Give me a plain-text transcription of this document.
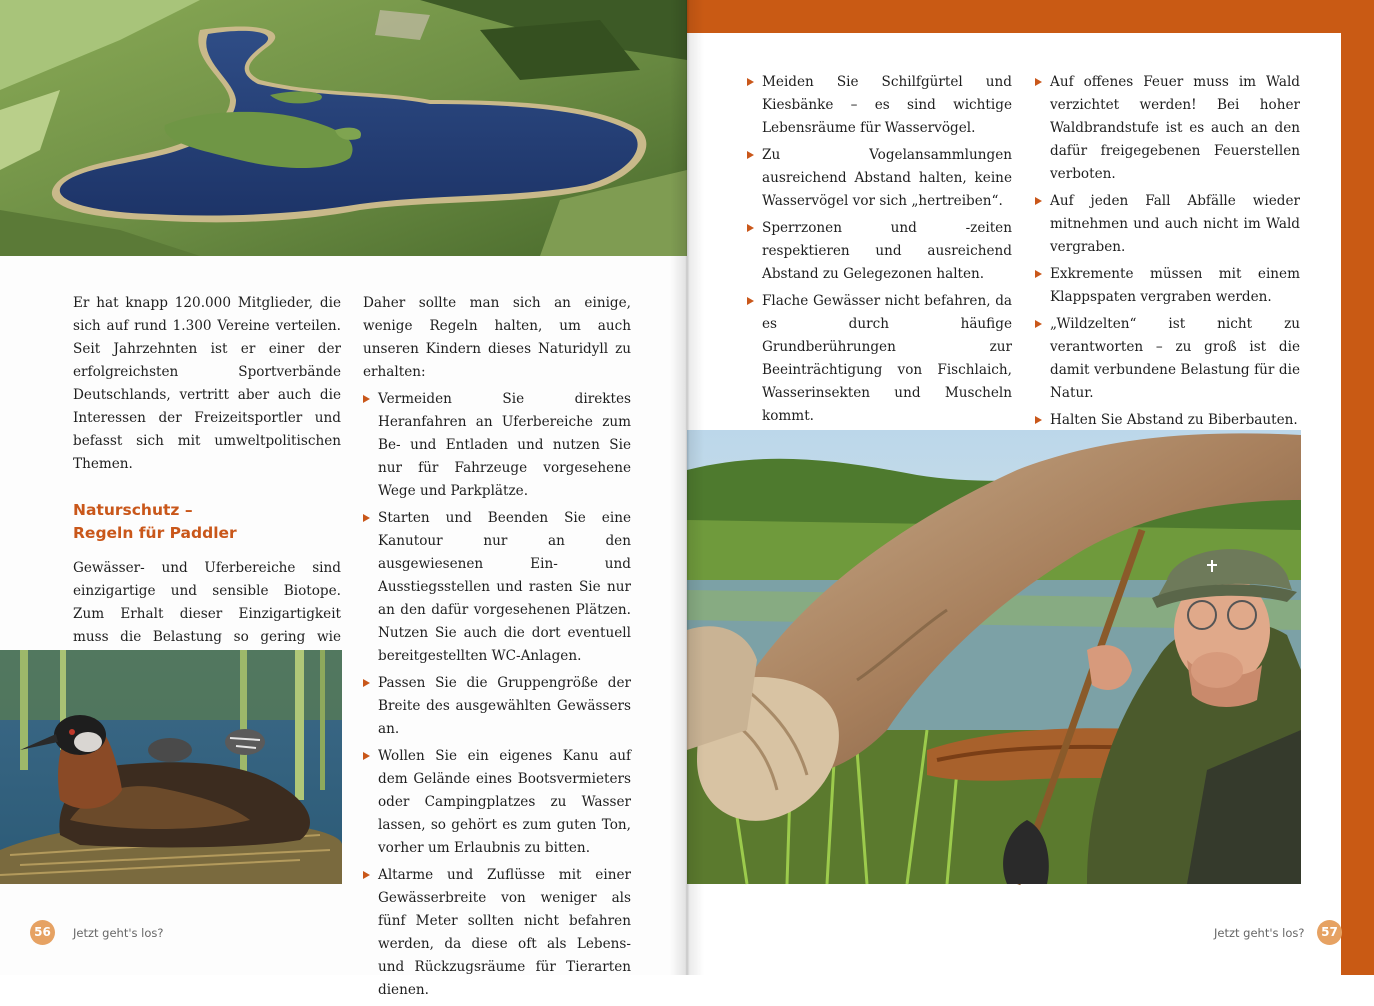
Er hat knapp 120.000 Mitglieder, die sich auf rund 1.300 Vereine verteilen. Seit Jahrzehnten ist er einer der erfolgreichsten Sportverbände Deutschlands, vertritt aber auch die Interessen der Freizeitsportler und befasst sich mit umweltpolitischen Themen.

Naturschutz –
Regeln für Paddler

Gewässer- und Uferbereiche sind einzigartige und sensible Biotope. Zum Erhalt dieser Einzigartigkeit muss die Belastung so gering wie

Daher sollte man sich an einige, wenige Regeln halten, um auch unseren Kindern dieses Naturidyll zu erhalten:

Vermeiden Sie direktes Heranfahren an Uferbereiche zum Be- und Entladen und nutzen Sie nur für Fahrzeuge vorgesehene Wege und Parkplätze.
Starten und Beenden Sie eine Kanutour nur an den ausgewiesenen Ein- und Ausstiegsstellen und rasten Sie nur an den dafür vorgesehenen Plätzen. Nutzen Sie auch die dort eventuell bereitgestellten WC-Anlagen.
Passen Sie die Gruppengröße der Breite des ausgewählten Gewässers an.
Wollen Sie ein eigenes Kanu auf dem Gelände eines Bootsvermieters oder Campingplatzes zu Wasser lassen, so gehört es zum guten Ton, vorher um Erlaubnis zu bitten.
Altarme und Zuflüsse mit einer Gewässerbreite von weniger als fünf Meter sollten nicht befahren werden, da diese oft als Lebens- und Rückzugsräume für Tierarten dienen.
56	Jetzt geht's los?
Meiden Sie Schilfgürtel und Kiesbänke – es sind wichtige Lebensräume für Wasservögel.
Zu Vogelansammlungen ausreichend Abstand halten, keine Wasservögel vor sich „hertreiben“.
Sperrzonen und -zeiten respektieren und ausreichend Abstand zu Gelegezonen halten.
Flache Gewässer nicht befahren, da es durch häufige Grundberührungen zur Beeinträchtigung von Fischlaich, Wasserinsekten und Muscheln kommt.
Auf offenes Feuer muss im Wald verzichtet werden! Bei hoher Waldbrandstufe ist es auch an den dafür freigegebenen Feuerstellen verboten.
Auf jeden Fall Abfälle wieder mitnehmen und auch nicht im Wald vergraben.
Exkremente müssen mit einem Klappspaten vergraben werden.
„Wildzelten“ ist nicht zu verantworten – zu groß ist die damit verbundene Belastung für die Natur.
Halten Sie Abstand zu Biberbauten.
Jetzt geht's los?	57
